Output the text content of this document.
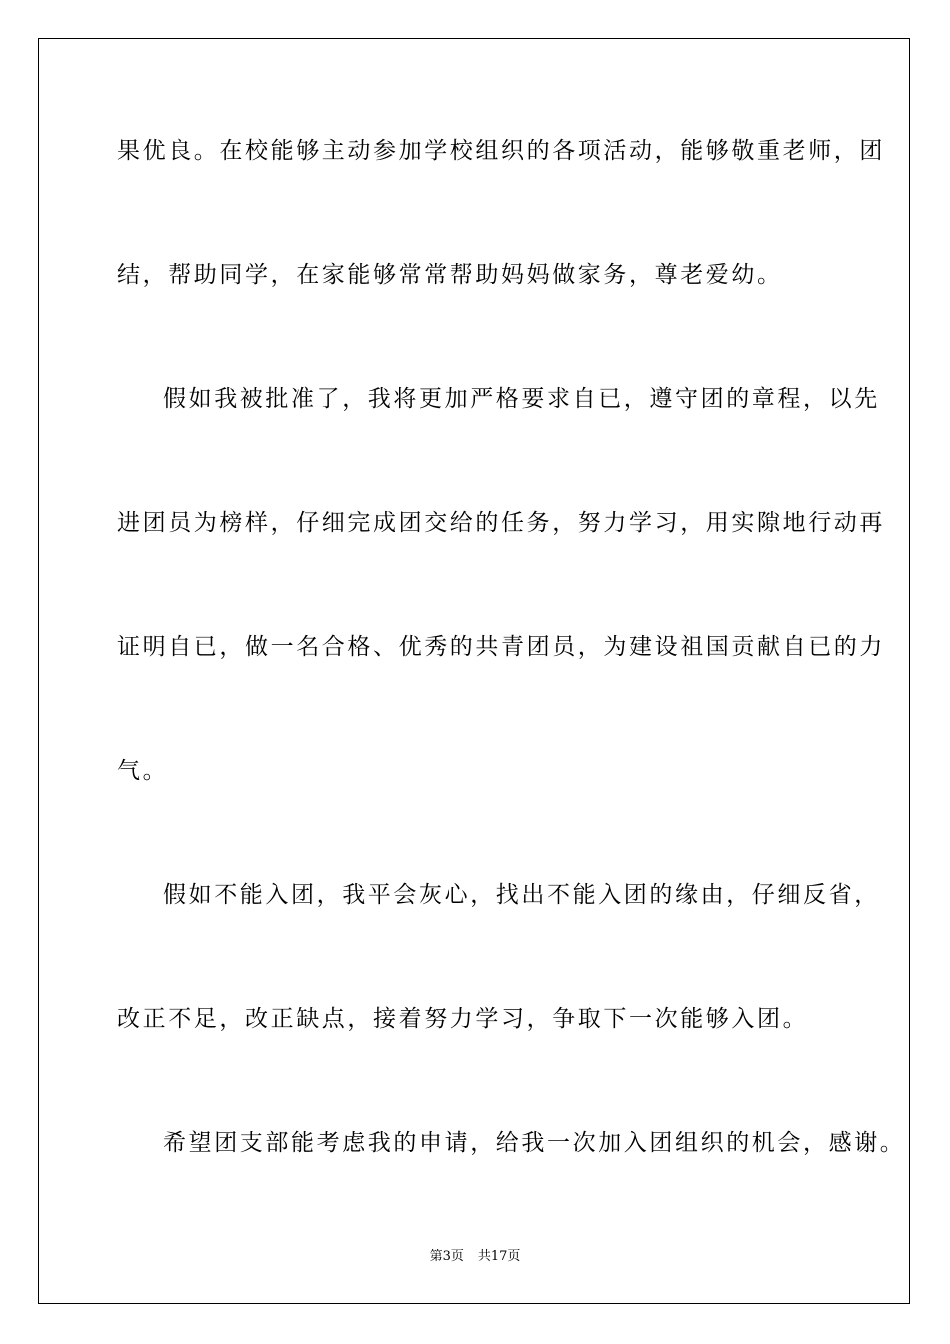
果优良。在校能够主动参加学校组织的各项活动，能够敬重老师，团
结，帮助同学，在家能够常常帮助妈妈做家务，尊老爱幼。
假如我被批准了，我将更加严格要求自已，遵守团的章程，以先
进团员为榜样，仔细完成团交给的任务，努力学习，用实隙地行动再
证明自已，做一名合格、优秀的共青团员，为建设祖国贡献自已的力
气。
假如不能入团，我平会灰心，找出不能入团的缘由，仔细反省，
改正不足，改正缺点，接着努力学习，争取下一次能够入团。
希望团支部能考虑我的申请，给我一次加入团组织的机会，感谢。
第3页 共17页
